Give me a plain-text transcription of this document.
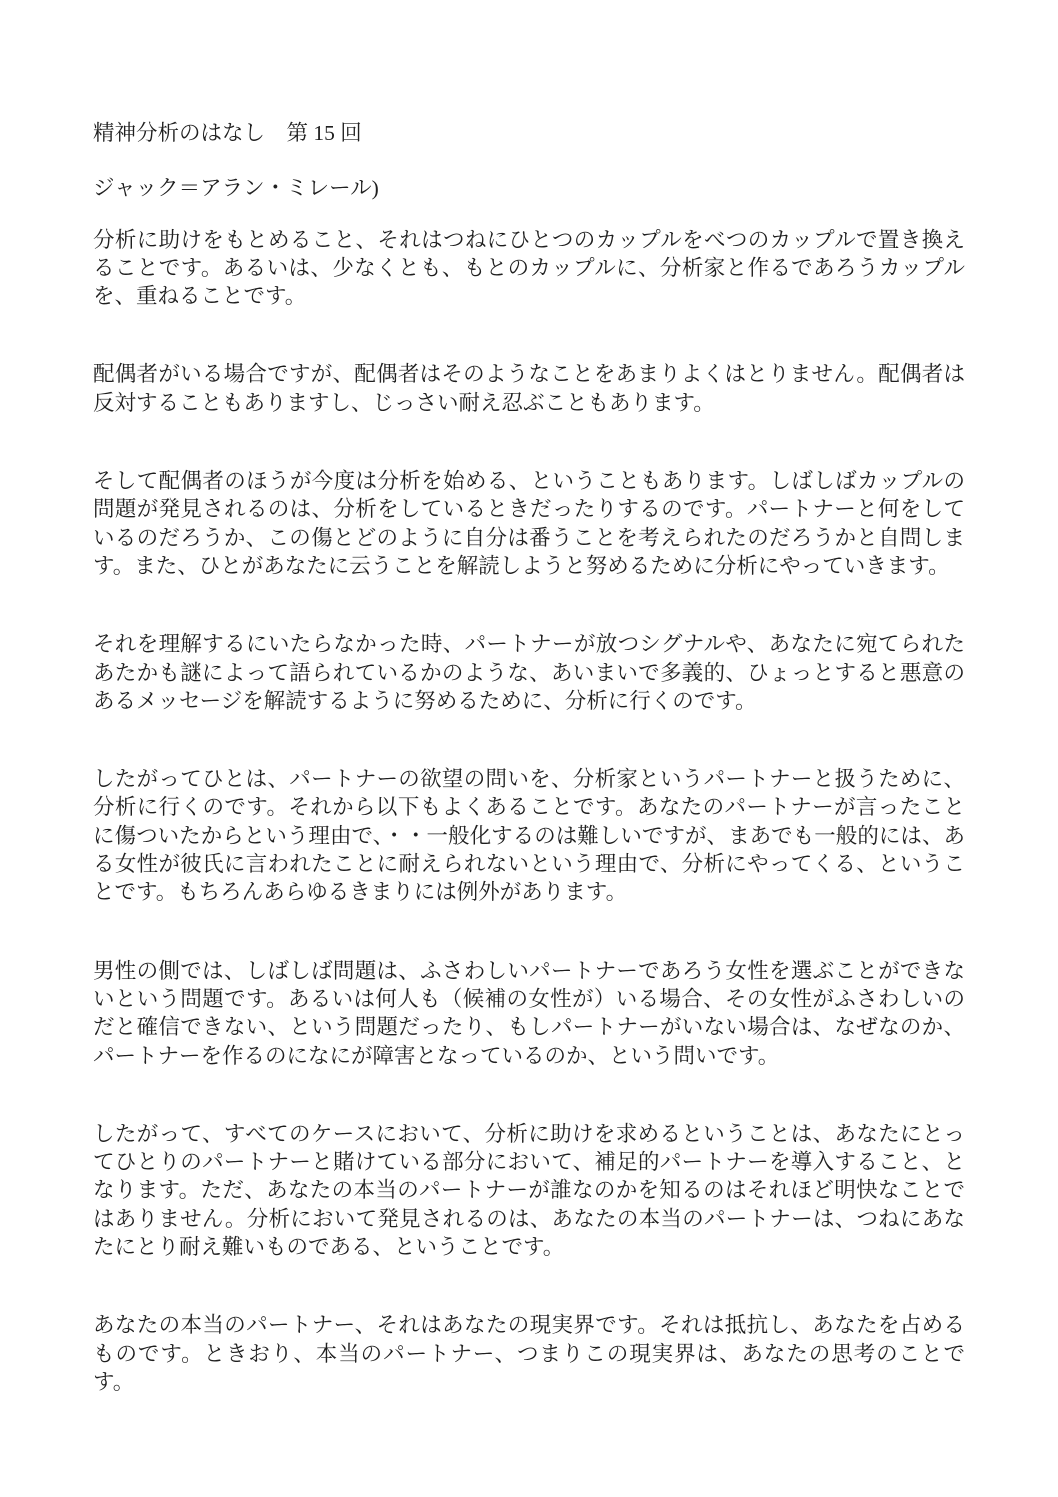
精神分析のはなし　第 15 回

ジャック＝アラン・ミレール)

分析に助けをもとめること、それはつねにひとつのカップルをべつのカップルで置き換えることです。あるいは、少なくとも、もとのカップルに、分析家と作るであろうカップルを、重ねることです。

配偶者がいる場合ですが、配偶者はそのようなことをあまりよくはとりません。配偶者は反対することもありますし、じっさい耐え忍ぶこともあります。

そして配偶者のほうが今度は分析を始める、ということもあります。しばしばカップルの問題が発見されるのは、分析をしているときだったりするのです。パートナーと何をしているのだろうか、この傷とどのように自分は番うことを考えられたのだろうかと自問します。また、ひとがあなたに云うことを解読しようと努めるために分析にやっていきます。

それを理解するにいたらなかった時、パートナーが放つシグナルや、あなたに宛てられたあたかも謎によって語られているかのような、あいまいで多義的、ひょっとすると悪意のあるメッセージを解読するように努めるために、分析に行くのです。

したがってひとは、パートナーの欲望の問いを、分析家というパートナーと扱うために、分析に行くのです。それから以下もよくあることです。あなたのパートナーが言ったことに傷ついたからという理由で、・・一般化するのは難しいですが、まあでも一般的には、ある女性が彼氏に言われたことに耐えられないという理由で、分析にやってくる、ということです。もちろんあらゆるきまりには例外があります。

男性の側では、しばしば問題は、ふさわしいパートナーであろう女性を選ぶことができないという問題です。あるいは何人も（候補の女性が）いる場合、その女性がふさわしいのだと確信できない、という問題だったり、もしパートナーがいない場合は、なぜなのか、パートナーを作るのになにが障害となっているのか、という問いです。

したがって、すべてのケースにおいて、分析に助けを求めるということは、あなたにとってひとりのパートナーと賭けている部分において、補足的パートナーを導入すること、となります。ただ、あなたの本当のパートナーが誰なのかを知るのはそれほど明快なことではありません。分析において発見されるのは、あなたの本当のパートナーは、つねにあなたにとり耐え難いものである、ということです。

あなたの本当のパートナー、それはあなたの現実界です。それは抵抗し、あなたを占めるものです。ときおり、本当のパートナー、つまりこの現実界は、あなたの思考のことです。
